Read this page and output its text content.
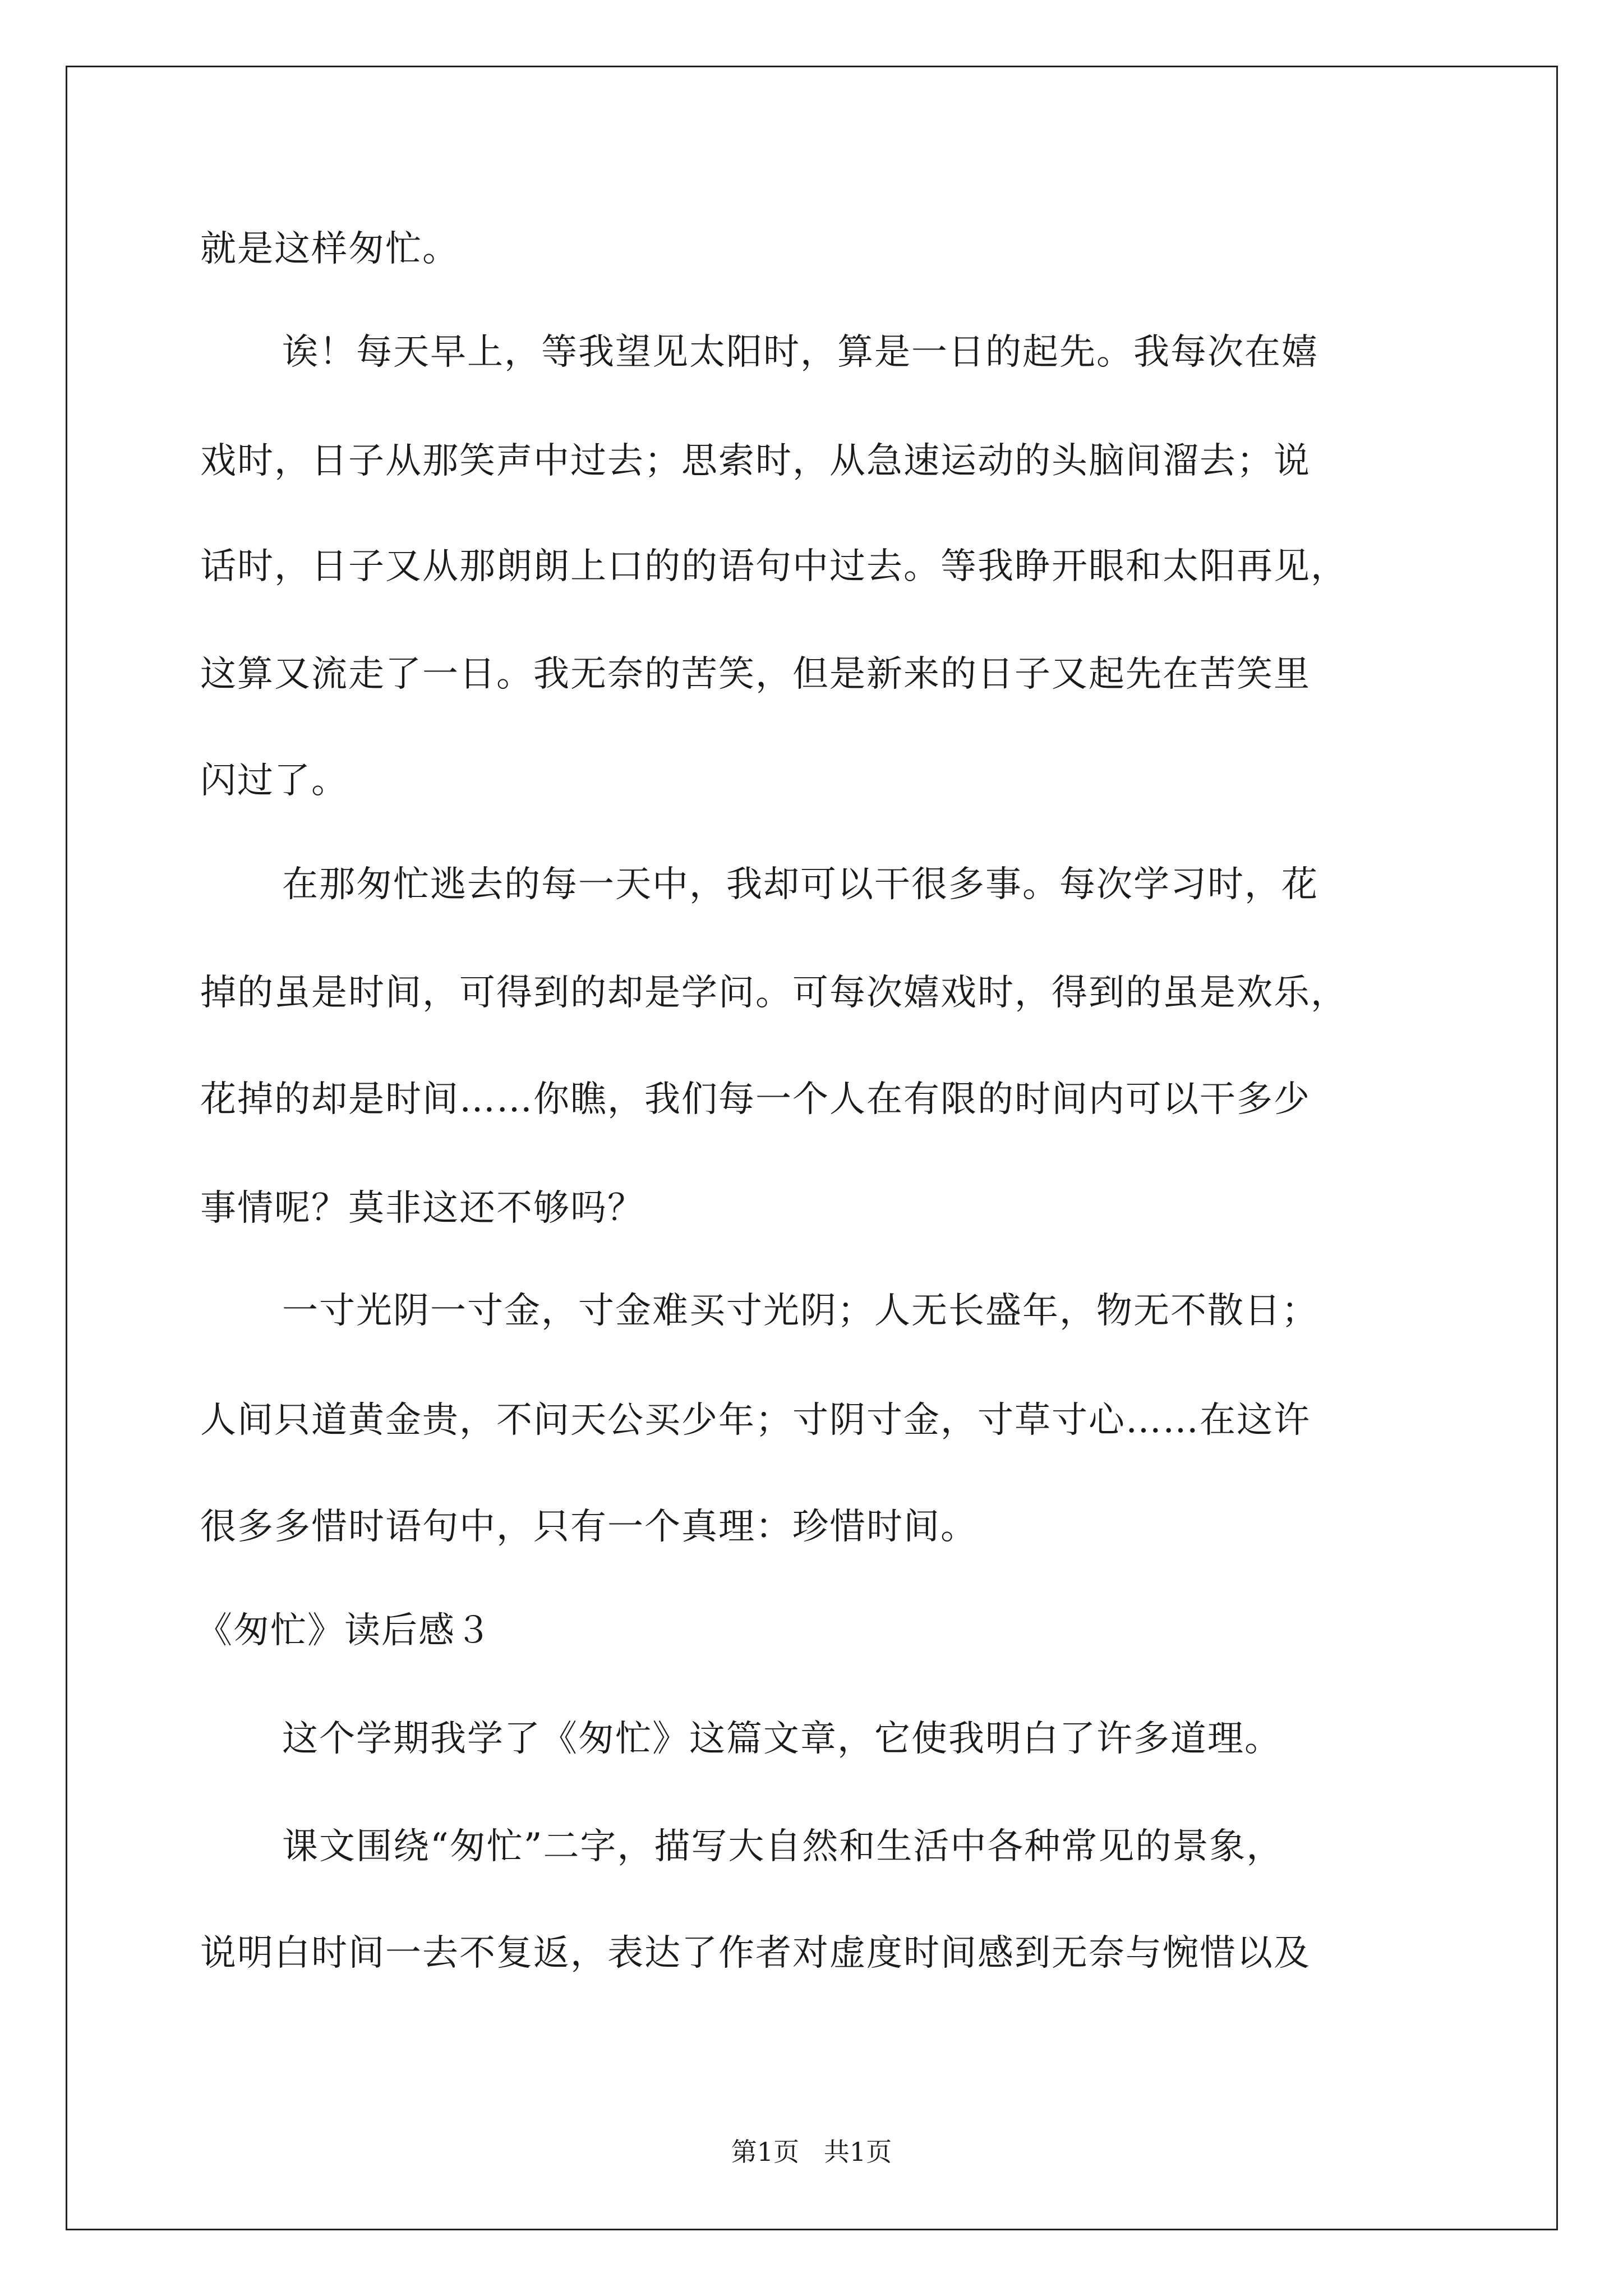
就是这样匆忙。
诶！每天早上，等我望见太阳时，算是一日的起先。我每次在嬉
戏时，日子从那笑声中过去；思索时，从急速运动的头脑间溜去；说
话时，日子又从那朗朗上口的的语句中过去。等我睁开眼和太阳再见，
这算又流走了一日。我无奈的苦笑，但是新来的日子又起先在苦笑里
闪过了。
在那匆忙逃去的每一天中，我却可以干很多事。每次学习时，花
掉的虽是时间，可得到的却是学问。可每次嬉戏时，得到的虽是欢乐，
花掉的却是时间……你瞧，我们每一个人在有限的时间内可以干多少
事情呢？莫非这还不够吗？
一寸光阴一寸金，寸金难买寸光阴；人无长盛年，物无不散日；
人间只道黄金贵，不问天公买少年；寸阴寸金，寸草寸心……在这许
很多多惜时语句中，只有一个真理：珍惜时间。
《匆忙》读后感３
这个学期我学了《匆忙》这篇文章，它使我明白了许多道理。
课文围绕“匆忙”二字，描写大自然和生活中各种常见的景象，
说明白时间一去不复返，表达了作者对虚度时间感到无奈与惋惜以及
第1页   共1页
